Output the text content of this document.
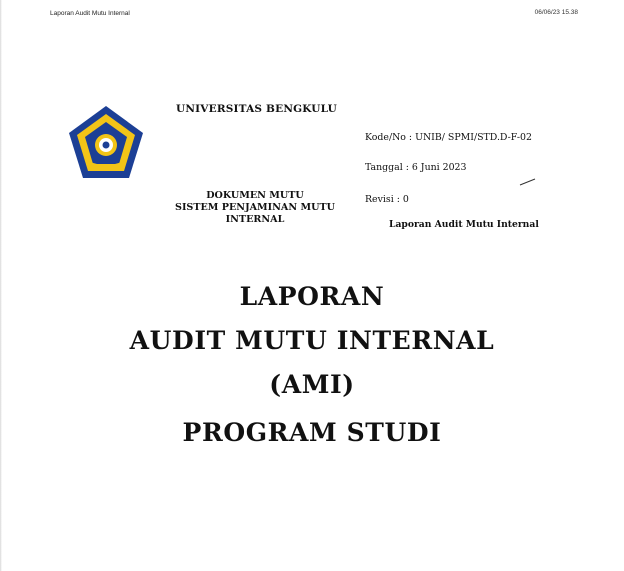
Laporan Audit Mutu Internal	06/06/23 15.38
UNIVERSITAS BENGKULU
DOKUMEN MUTU
SISTEM PENJAMINAN MUTU
INTERNAL
Kode/No : UNIB/ SPMI/STD.D-F-02
Tanggal : 6 Juni 2023
Revisi : 0
Laporan Audit Mutu Internal
LAPORAN
AUDIT MUTU INTERNAL
(AMI)
PROGRAM STUDI
